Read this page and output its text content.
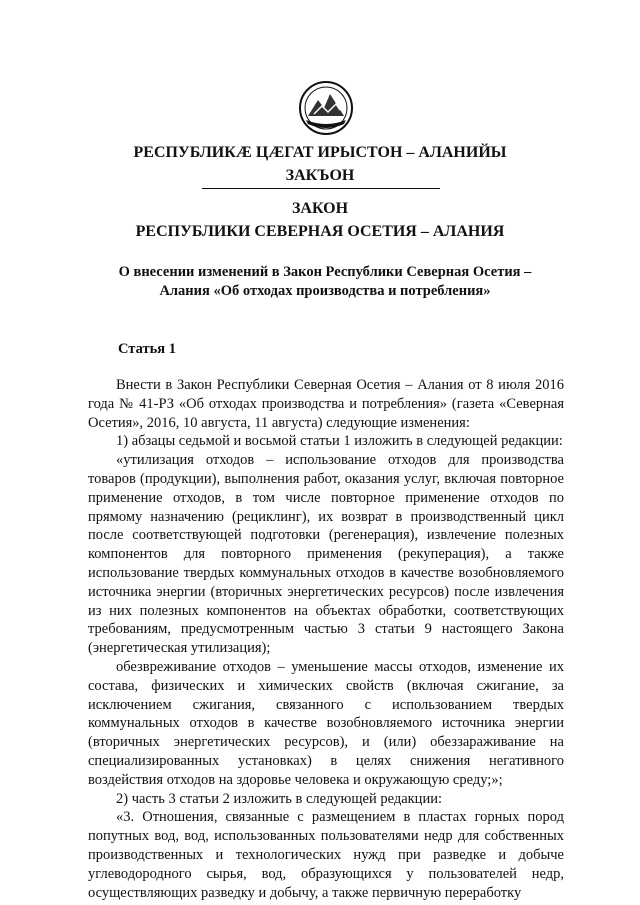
РЕСПУБЛИКӔ ЦӔГАТ ИРЫСТОН – АЛАНИЙЫ
ЗАКЪОН
ЗАКОН
РЕСПУБЛИКИ СЕВЕРНАЯ ОСЕТИЯ – АЛАНИЯ
О внесении изменений в Закон Республики Северная Осетия – Алания «Об отходах производства и потребления»
Статья 1

Внести в Закон Республики Северная Осетия – Алания от 8 июля 2016 года № 41-РЗ «Об отходах производства и потребления» (газета «Северная Осетия», 2016, 10 августа, 11 августа) следующие изменения:

1) абзацы седьмой и восьмой статьи 1 изложить в следующей редакции:

«утилизация отходов – использование отходов для производства товаров (продукции), выполнения работ, оказания услуг, включая повторное применение отходов, в том числе повторное применение отходов по прямому назначению (рециклинг), их возврат в производственный цикл после соответствующей подготовки (регенерация), извлечение полезных компонентов для повторного применения (рекуперация), а также использование твердых коммунальных отходов в качестве возобновляемого источника энергии (вторичных энергетических ресурсов) после извлечения из них полезных компонентов на объектах обработки, соответствующих требованиям, предусмотренным частью 3 статьи 9 настоящего Закона (энергетическая утилизация);

обезвреживание отходов – уменьшение массы отходов, изменение их состава, физических и химических свойств (включая сжигание, за исключением сжигания, связанного с использованием твердых коммунальных отходов в качестве возобновляемого источника энергии (вторичных энергетических ресурсов), и (или) обеззараживание на специализированных установках) в целях снижения негативного воздействия отходов на здоровье человека и окружающую среду;»;

2) часть 3 статьи 2 изложить в следующей редакции:

«3. Отношения, связанные с размещением в пластах горных пород попутных вод, вод, использованных пользователями недр для собственных производственных и технологических нужд при разведке и добыче углеводородного сырья, вод, образующихся у пользователей недр, осуществляющих разведку и добычу, а также первичную переработку
